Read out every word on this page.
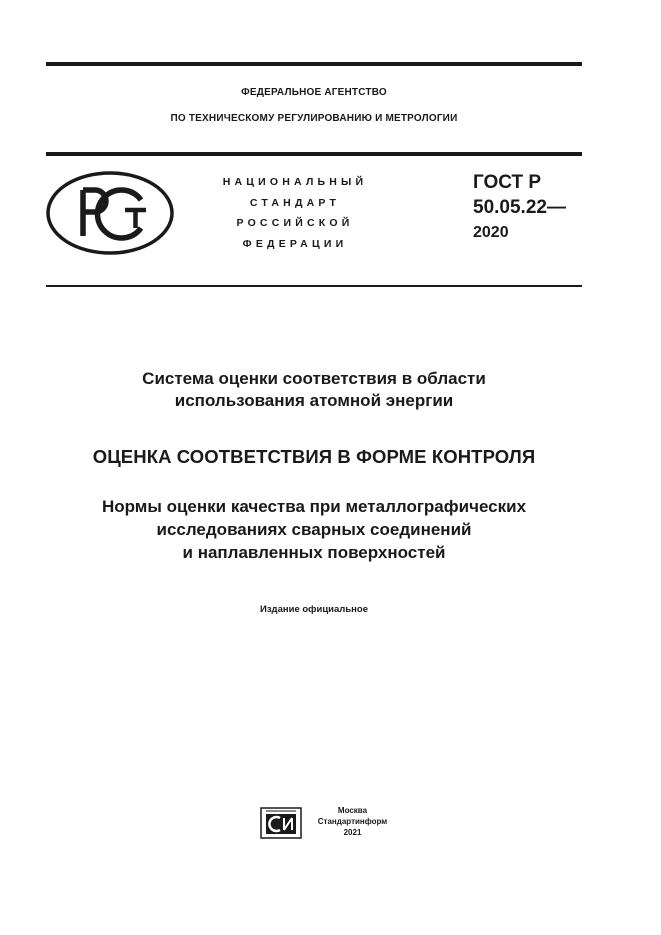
ФЕДЕРАЛЬНОЕ АГЕНТСТВО
ПО ТЕХНИЧЕСКОМУ РЕГУЛИРОВАНИЮ И МЕТРОЛОГИИ
НАЦИОНАЛЬНЫЙ
СТАНДАРТ
РОССИЙСКОЙ
ФЕДЕРАЦИИ
ГОСТ Р
50.05.22—
2020
Система оценки соответствия в области
использования атомной энергии
ОЦЕНКА СООТВЕТСТВИЯ В ФОРМЕ КОНТРОЛЯ
Нормы оценки качества при металлографических
исследованиях сварных соединений
и наплавленных поверхностей
Издание официальное
Москва
Стандартинформ
2021
